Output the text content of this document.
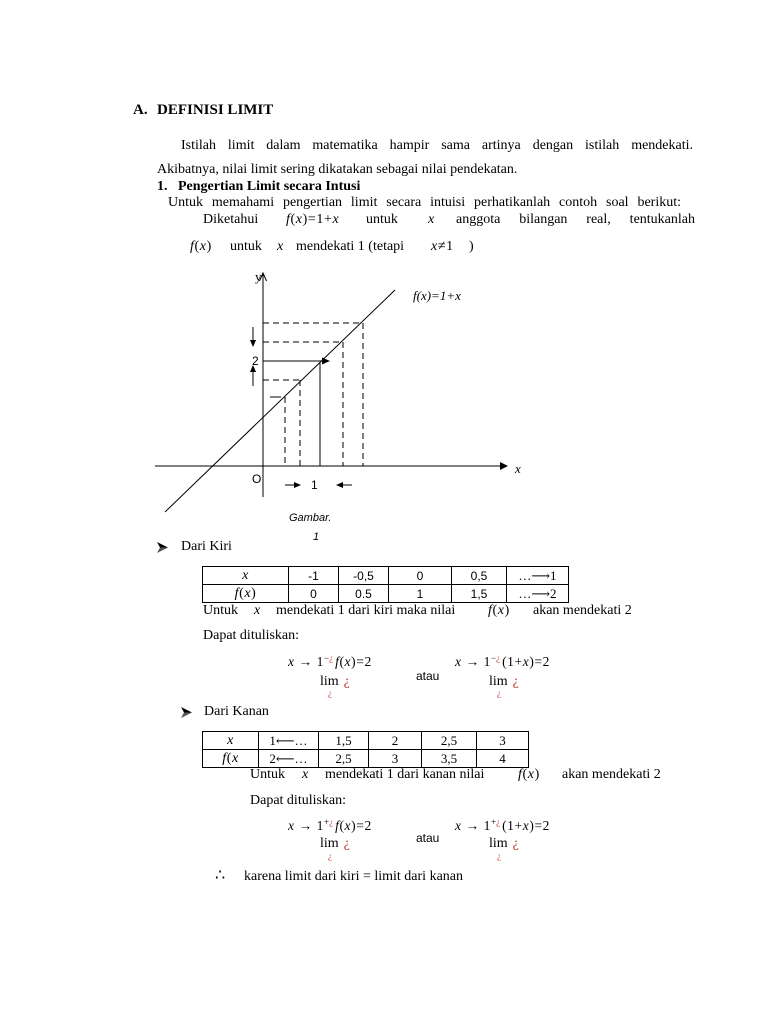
A. DEFINISI LIMIT
Istilah limit dalam matematika hampir sama artinya dengan istilah mendekati.
Akibatnya, nilai limit sering dikatakan sebagai nilai pendekatan.
1. Pengertian Limit secara Intusi
Untuk memahami pengertian limit secara intuisi perhatikanlah contoh soal berikut:
Diketahui f(x)=1+x untuk x anggota bilangan real, tentukanlah
f(x) untuk x mendekati 1 (tetapi x≠1 )
y
x
O	1
2
f(x)=1+x
Gambar.
1
Dari Kiri
x	-1	-0,5	0	0,5	…⟶1
f(x)	0	0.5	1	1,5	…⟶2
Untuk x mendekati 1 dari kiri maka nilai f(x) akan mendekati 2
Dapat dituliskan:
x → 1−¿ f(x)=2
lim ¿
¿
atau
x → 1−¿ (1+x)=2
lim ¿
¿
Dari Kanan
x	1⟵…	1,5	2	2,5	3
f(x	2⟵…	2,5	3	3,5	4
Untuk x mendekati 1 dari kanan nilai f(x) akan mendekati 2
Dapat dituliskan:
x → 1+¿ f(x)=2
lim ¿
¿
atau
x → 1+¿ (1+x)=2
lim ¿
¿
∴ karena limit dari kiri = limit dari kanan
